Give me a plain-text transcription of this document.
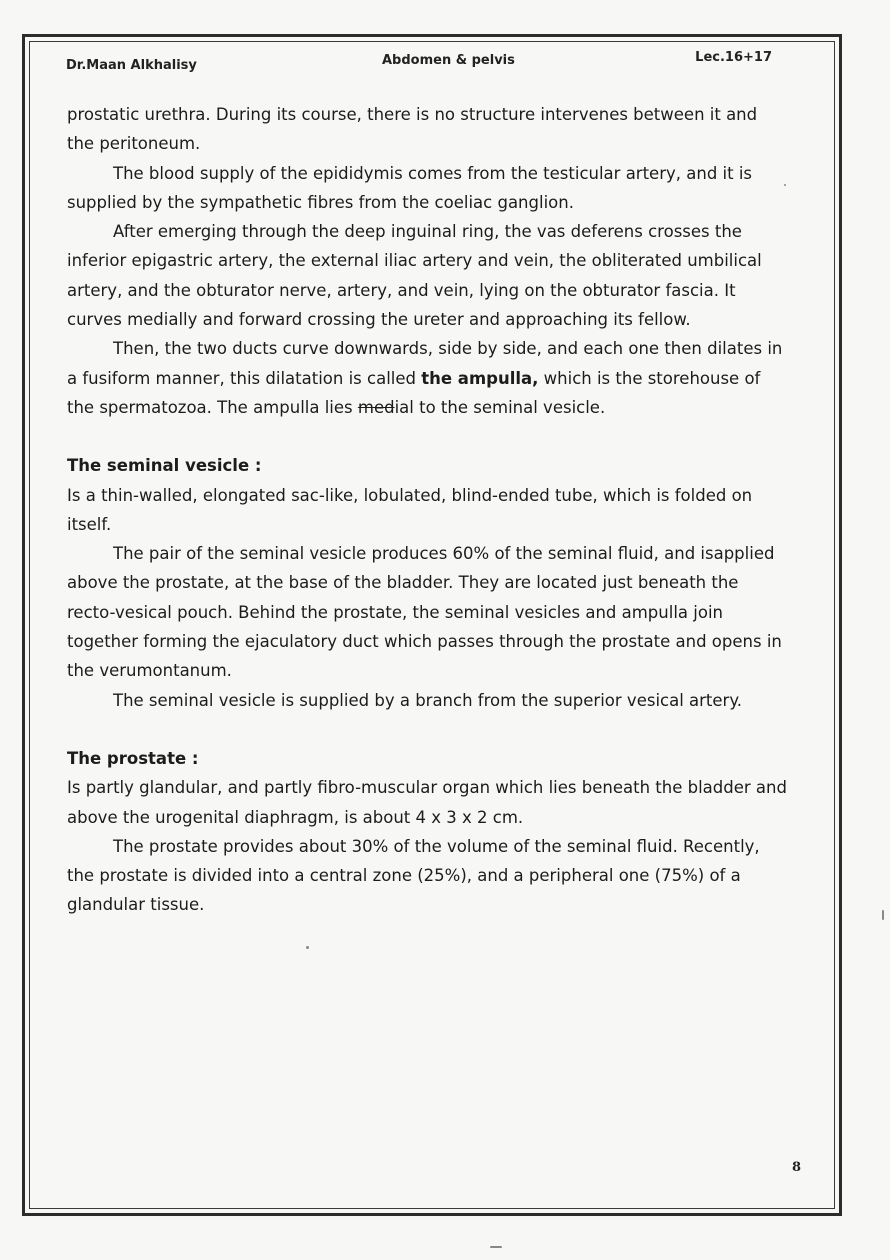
Dr.Maan Alkhalisy	Abdomen & pelvis	Lec.16+17

prostatic urethra. During its course, there is no structure intervenes between it and the peritoneum.

The blood supply of the epididymis comes from the testicular artery, and it is supplied by the sympathetic fibres from the coeliac ganglion.

After emerging through the deep inguinal ring, the vas deferens crosses the inferior epigastric artery, the external iliac artery and vein, the obliterated umbilical artery, and the obturator nerve, artery, and vein, lying on the obturator fascia. It curves medially and forward crossing the ureter and approaching its fellow.

Then, the two ducts curve downwards, side by side, and each one then dilates in a fusiform manner, this dilatation is called the ampulla, which is the storehouse of the spermatozoa. The ampulla lies medial to the seminal vesicle.

The seminal vesicle :

Is a thin-walled, elongated sac-like, lobulated, blind-ended tube, which is folded on itself.

The pair of the seminal vesicle produces 60% of the seminal fluid, and isapplied above the prostate, at the base of the bladder. They are located just beneath the recto-vesical pouch. Behind the prostate, the seminal vesicles and ampulla join together forming the ejaculatory duct which passes through the prostate and opens in the verumontanum.

The seminal vesicle is supplied by a branch from the superior vesical artery.

The prostate :

Is partly glandular, and partly fibro-muscular organ which lies beneath the bladder and above the urogenital diaphragm, is about 4 x 3 x 2 cm.

The prostate provides about 30% of the volume of the seminal fluid. Recently, the prostate is divided into a central zone (25%), and a peripheral one (75%) of a glandular tissue.

8
